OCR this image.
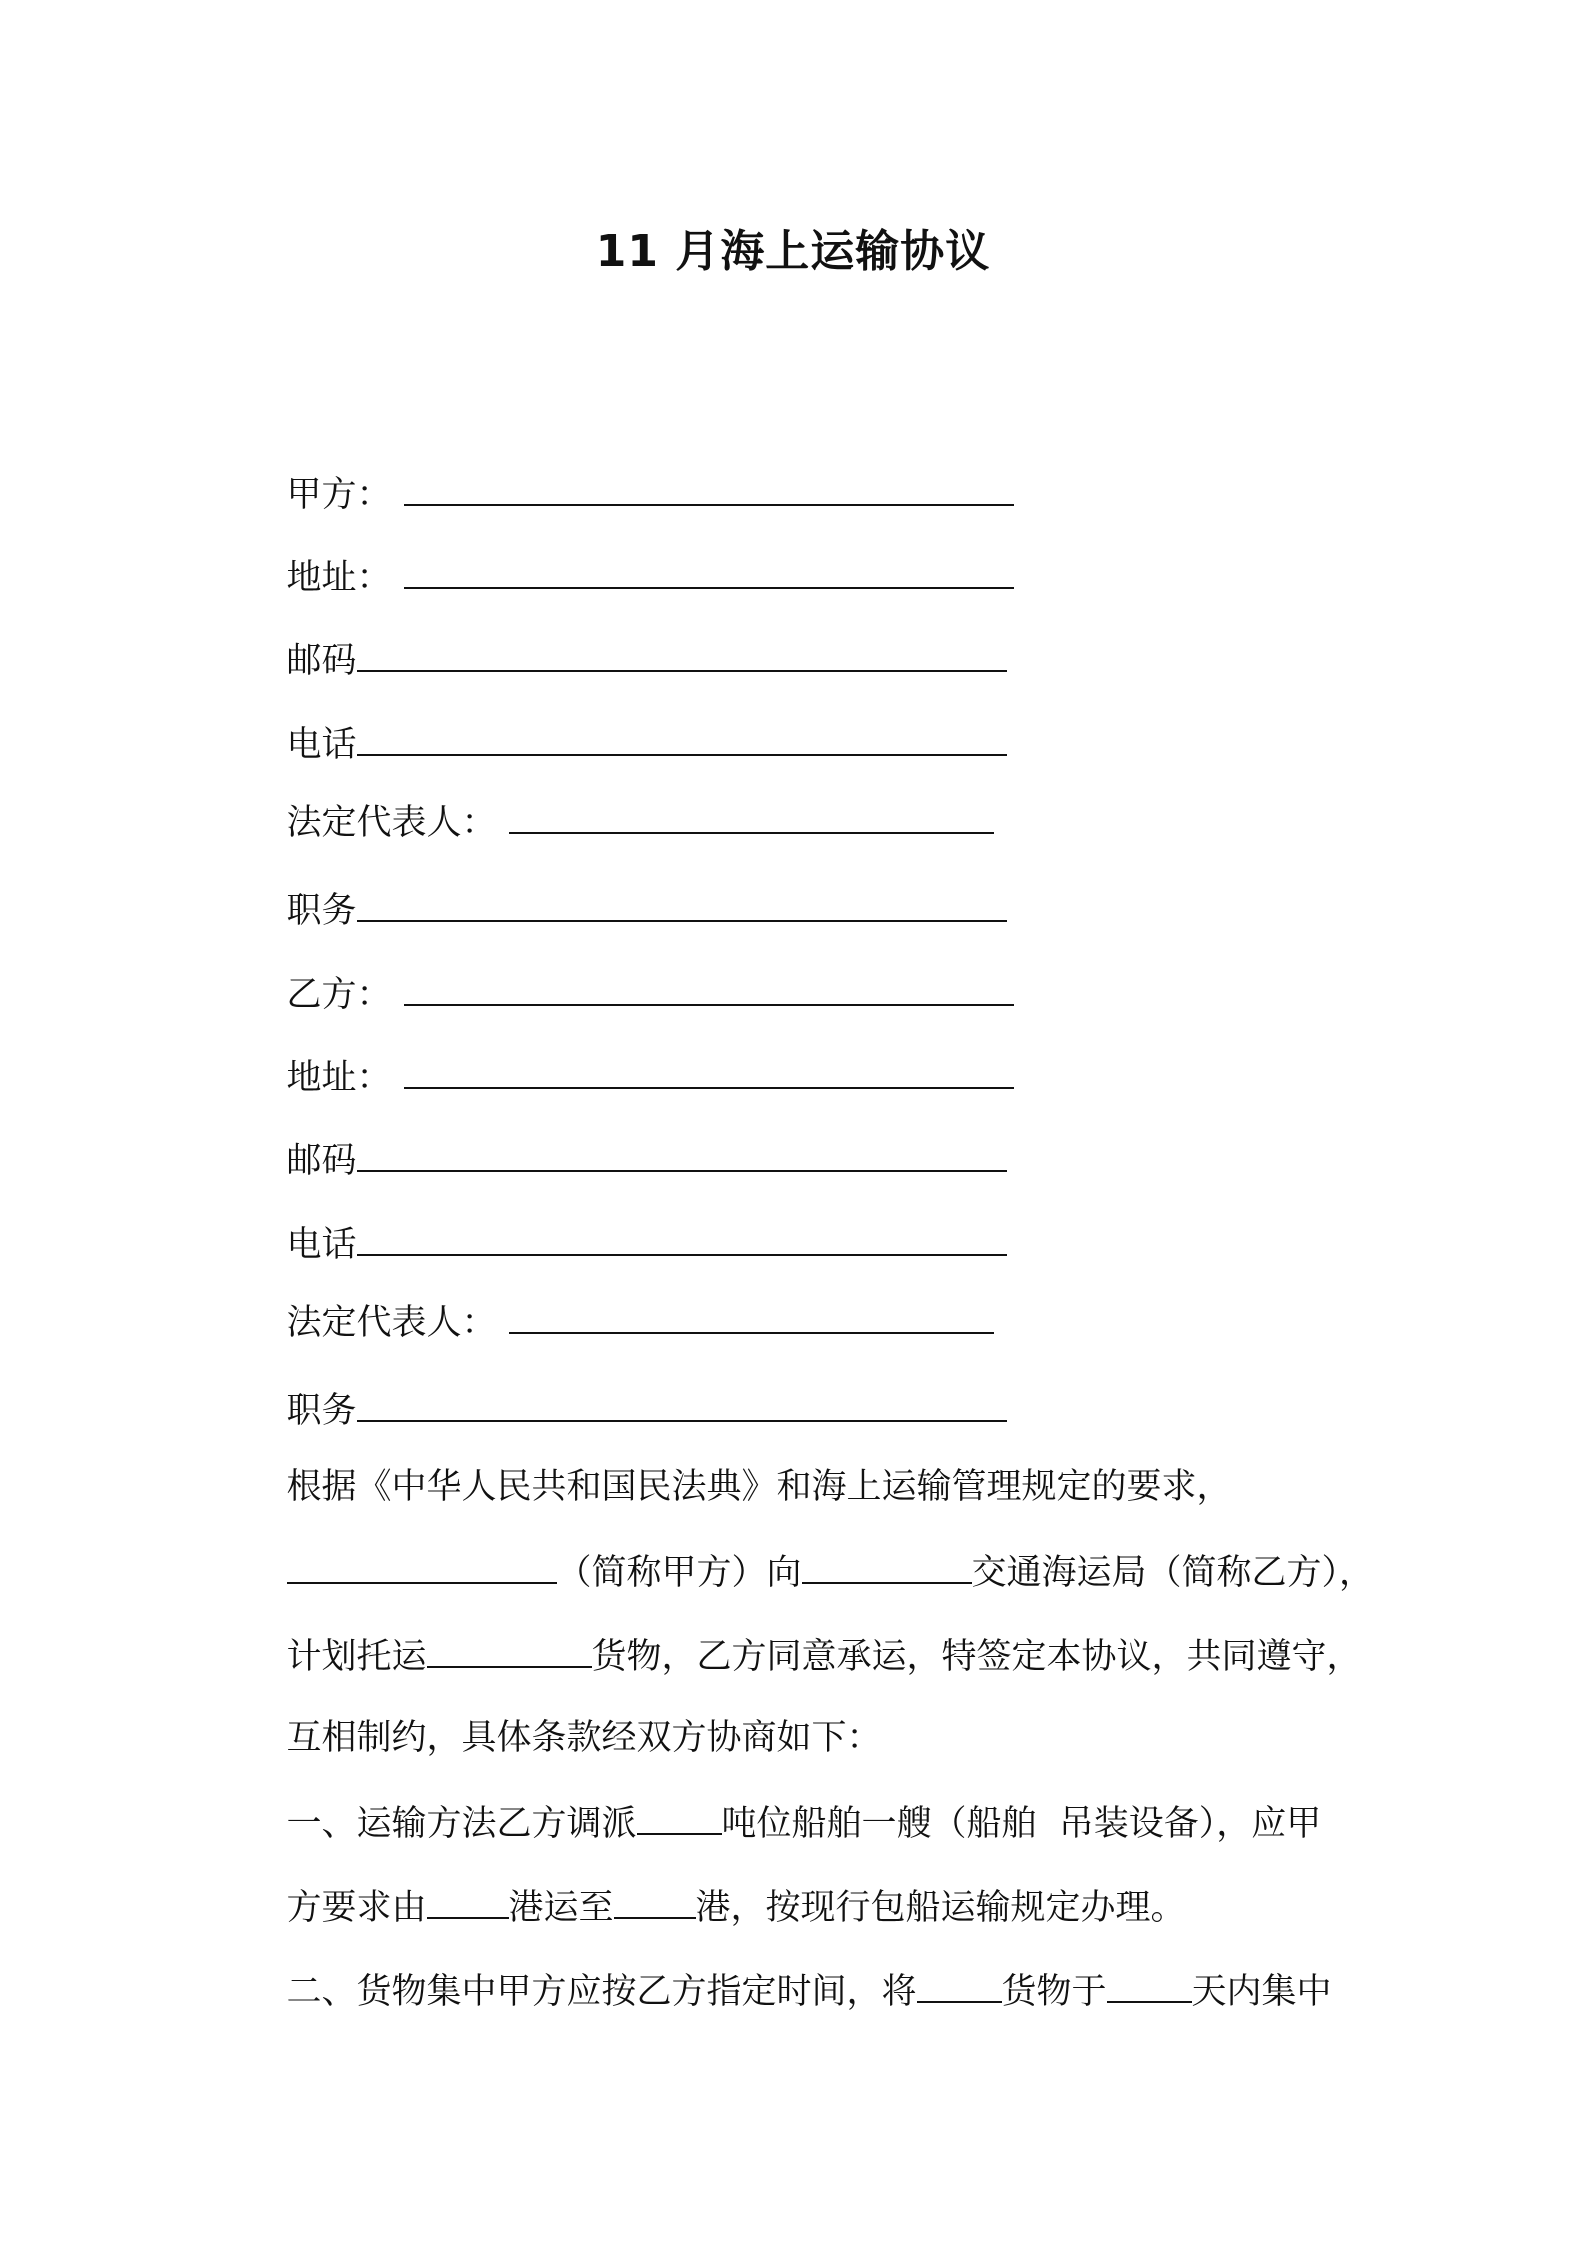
11 月海上运输协议

甲方：

地址：

邮码

电话

法定代表人：

职务

乙方：

地址：

邮码

电话

法定代表人：

职务

根据《中华人民共和国民法典》和海上运输管理规定的要求，

（简称甲方）向	交通海运局（简称乙方），

计划托运	货物，乙方同意承运，特签定本协议，共同遵守，

互相制约，具体条款经双方协商如下：

一、运输方法乙方调派 吨位船舶一艘（船舶  吊装设备），应甲

方要求由 港运至 港，按现行包船运输规定办理。

二、货物集中甲方应按乙方指定时间，将 货物于 天内集中
